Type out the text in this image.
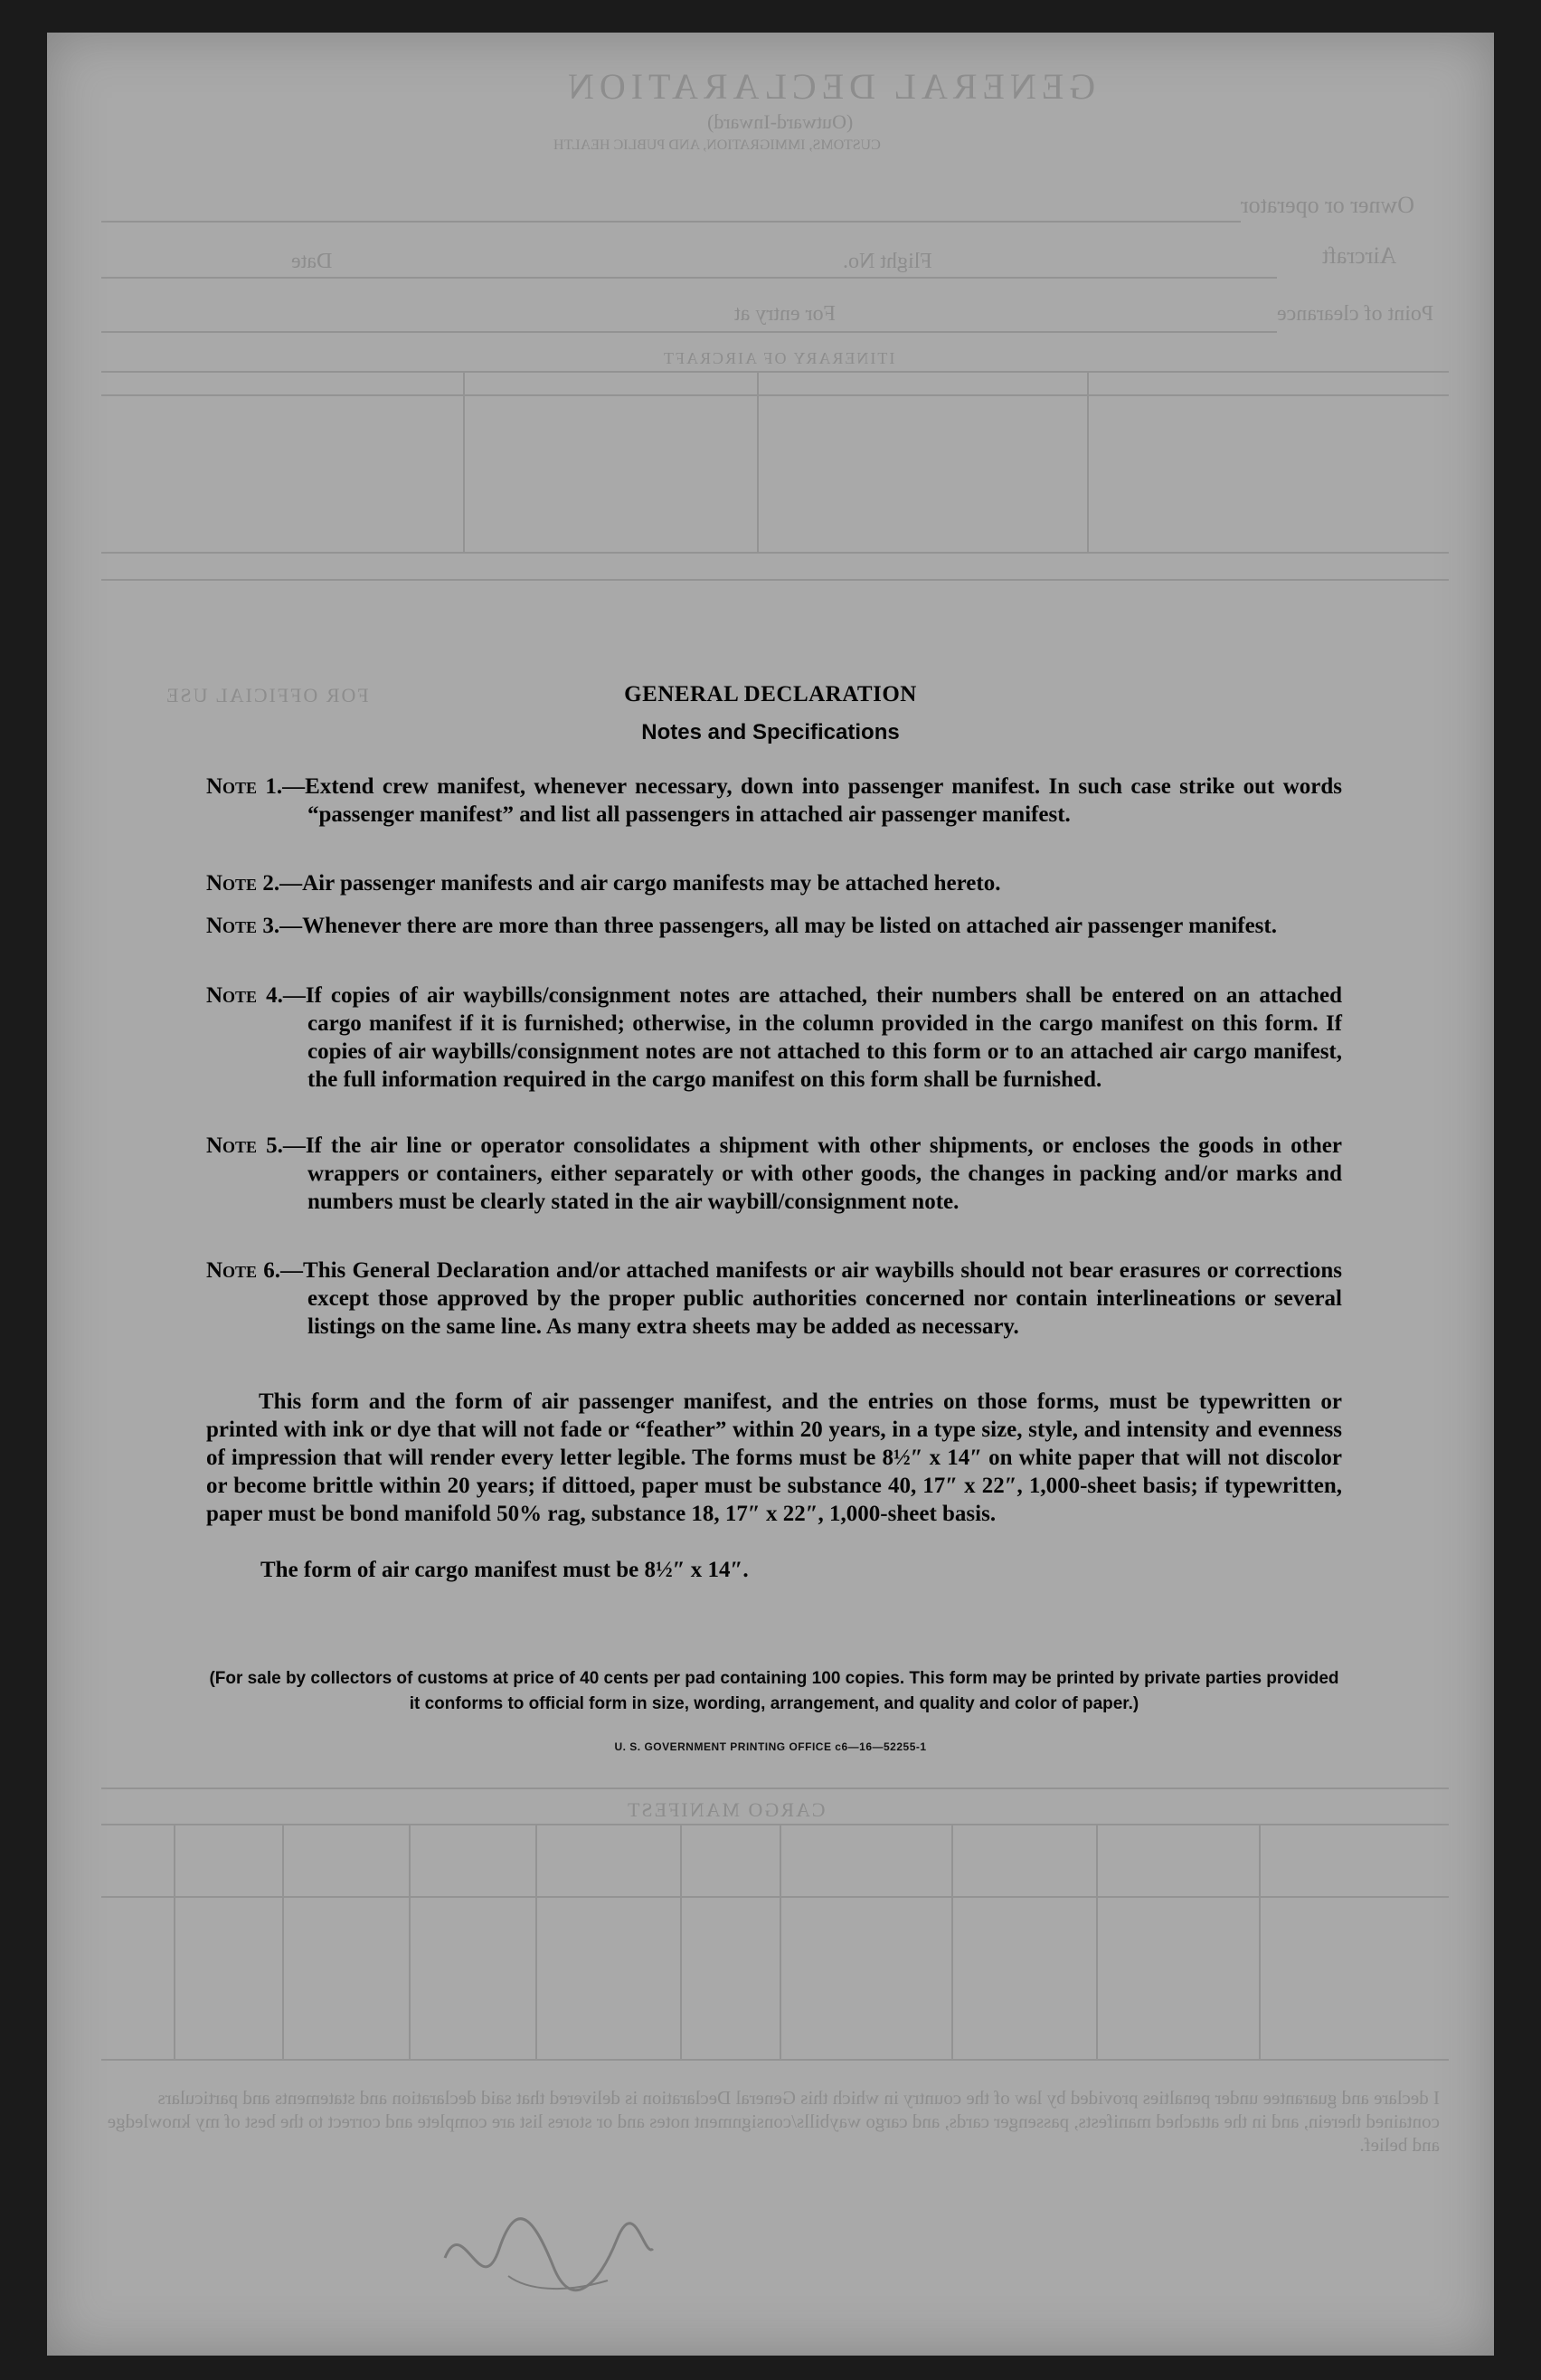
GENERAL DECLARATION
(Outward-Inward)
CUSTOMS, IMMIGRATION, AND PUBLIC HEALTH
Owner or operator
Aircraft
Flight No.
Date
Point of clearance
For entry at
ITINERARY OF AIRCRAFT
FOR OFFICIAL USE
CARGO MANIFEST
I declare and guarantee under penalties provided by law of the country in which this General Declaration is delivered that said declaration and statements and particulars contained therein, and in the attached manifests, passenger cards, and cargo waybills/consignment notes and or stores list are complete and correct to the best of my knowledge and belief.
GENERAL DECLARATION
Notes and Specifications
Note 1.—Extend crew manifest, whenever necessary, down into passenger manifest. In such case strike out words “passenger manifest” and list all passengers in attached air passenger manifest.
Note 2.—Air passenger manifests and air cargo manifests may be attached hereto.
Note 3.—Whenever there are more than three passengers, all may be listed on attached air passenger manifest.
Note 4.—If copies of air waybills/consignment notes are attached, their numbers shall be entered on an attached cargo manifest if it is furnished; otherwise, in the column provided in the cargo manifest on this form. If copies of air waybills/consignment notes are not attached to this form or to an attached air cargo manifest, the full information required in the cargo manifest on this form shall be furnished.
Note 5.—If the air line or operator consolidates a shipment with other shipments, or encloses the goods in other wrappers or containers, either separately or with other goods, the changes in packing and/or marks and numbers must be clearly stated in the air waybill/consignment note.
Note 6.—This General Declaration and/or attached manifests or air waybills should not bear erasures or corrections except those approved by the proper public authorities concerned nor contain interlineations or several listings on the same line. As many extra sheets may be added as necessary.
This form and the form of air passenger manifest, and the entries on those forms, must be typewritten or printed with ink or dye that will not fade or “feather” within 20 years, in a type size, style, and intensity and evenness of impression that will render every letter legible. The forms must be 8½″ x 14″ on white paper that will not discolor or become brittle within 20 years; if dittoed, paper must be substance 40, 17″ x 22″, 1,000-sheet basis; if typewritten, paper must be bond manifold 50% rag, substance 18, 17″ x 22″, 1,000-sheet basis.
The form of air cargo manifest must be 8½″ x 14″.
(For sale by collectors of customs at price of 40 cents per pad containing 100 copies. This form may be printed by private parties provided it conforms to official form in size, wording, arrangement, and quality and color of paper.)
U. S. GOVERNMENT PRINTING OFFICE c6—16—52255-1
